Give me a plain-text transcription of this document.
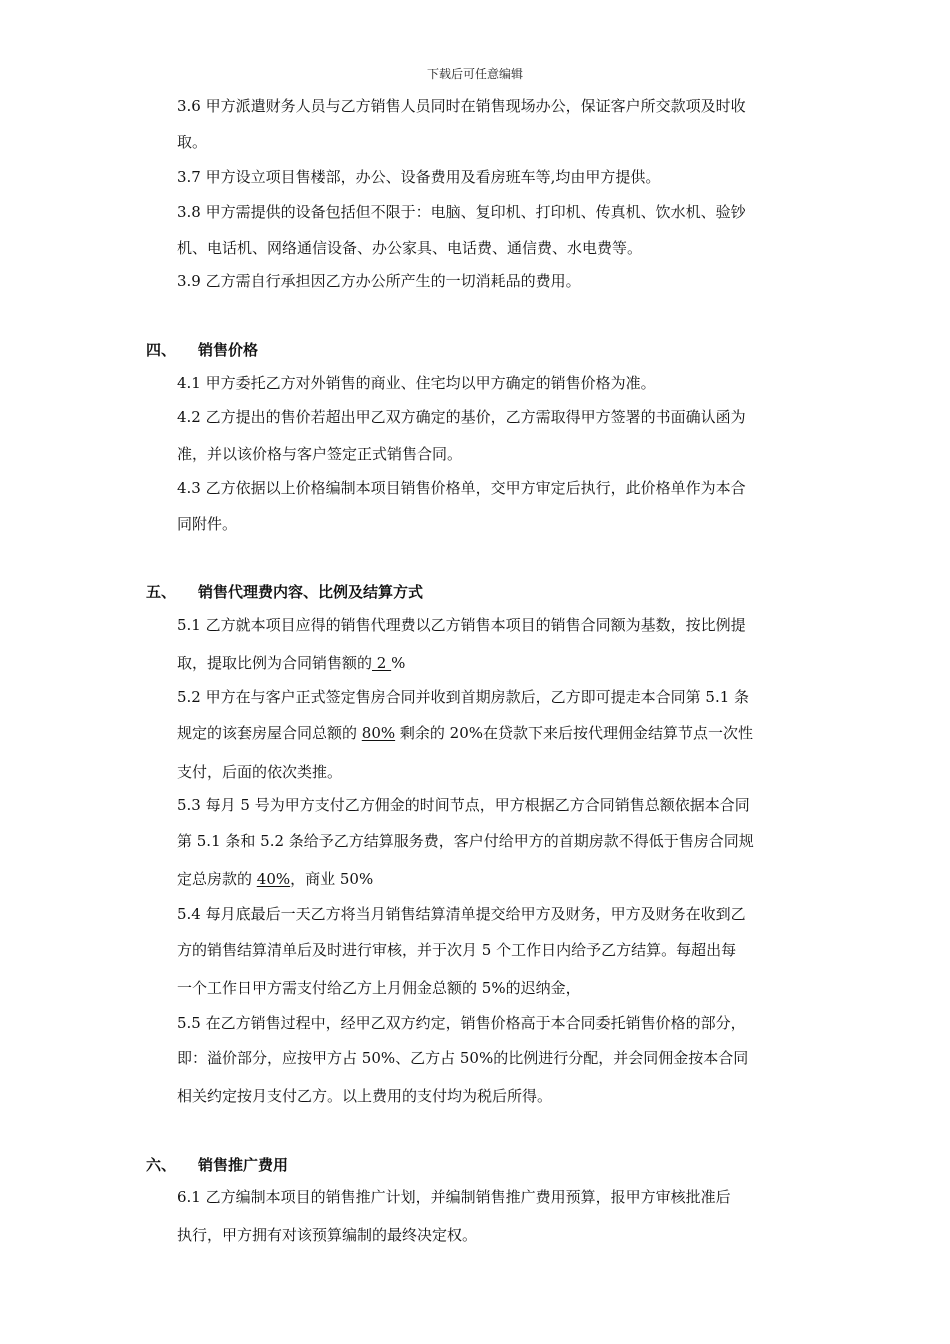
下载后可任意编辑
3.6 甲方派遣财务人员与乙方销售人员同时在销售现场办公，保证客户所交款项及时收
取。
3.7 甲方设立项目售楼部，办公、设备费用及看房班车等,均由甲方提供。
3.8 甲方需提供的设备包括但不限于：电脑、复印机、打印机、传真机、饮水机、验钞
机、电话机、网络通信设备、办公家具、电话费、通信费、水电费等。
3.9 乙方需自行承担因乙方办公所产生的一切消耗品的费用。
四、 销售价格
4.1 甲方委托乙方对外销售的商业、住宅均以甲方确定的销售价格为准。
4.2 乙方提出的售价若超出甲乙双方确定的基价，乙方需取得甲方签署的书面确认函为
准，并以该价格与客户签定正式销售合同。
4.3 乙方依据以上价格编制本项目销售价格单，交甲方审定后执行，此价格单作为本合
同附件。
五、 销售代理费内容、比例及结算方式
5.1 乙方就本项目应得的销售代理费以乙方销售本项目的销售合同额为基数，按比例提
取，提取比例为合同销售额的 2 %
5.2 甲方在与客户正式签定售房合同并收到首期房款后，乙方即可提走本合同第 5.1 条
规定的该套房屋合同总额的 80% 剩余的 20%在贷款下来后按代理佣金结算节点一次性
支付，后面的依次类推。
5.3 每月 5 号为甲方支付乙方佣金的时间节点，甲方根据乙方合同销售总额依据本合同
第 5.1 条和 5.2 条给予乙方结算服务费，客户付给甲方的首期房款不得低于售房合同规
定总房款的 40%，商业 50%
5.4 每月底最后一天乙方将当月销售结算清单提交给甲方及财务，甲方及财务在收到乙
方的销售结算清单后及时进行审核，并于次月 5 个工作日内给予乙方结算。每超出每
一个工作日甲方需支付给乙方上月佣金总额的 5%的迟纳金，
5.5 在乙方销售过程中，经甲乙双方约定，销售价格高于本合同委托销售价格的部分，
即：溢价部分，应按甲方占 50%、乙方占 50%的比例进行分配，并会同佣金按本合同
相关约定按月支付乙方。以上费用的支付均为税后所得。
六、 销售推广费用
6.1 乙方编制本项目的销售推广计划，并编制销售推广费用预算，报甲方审核批准后
执行，甲方拥有对该预算编制的最终决定权。
